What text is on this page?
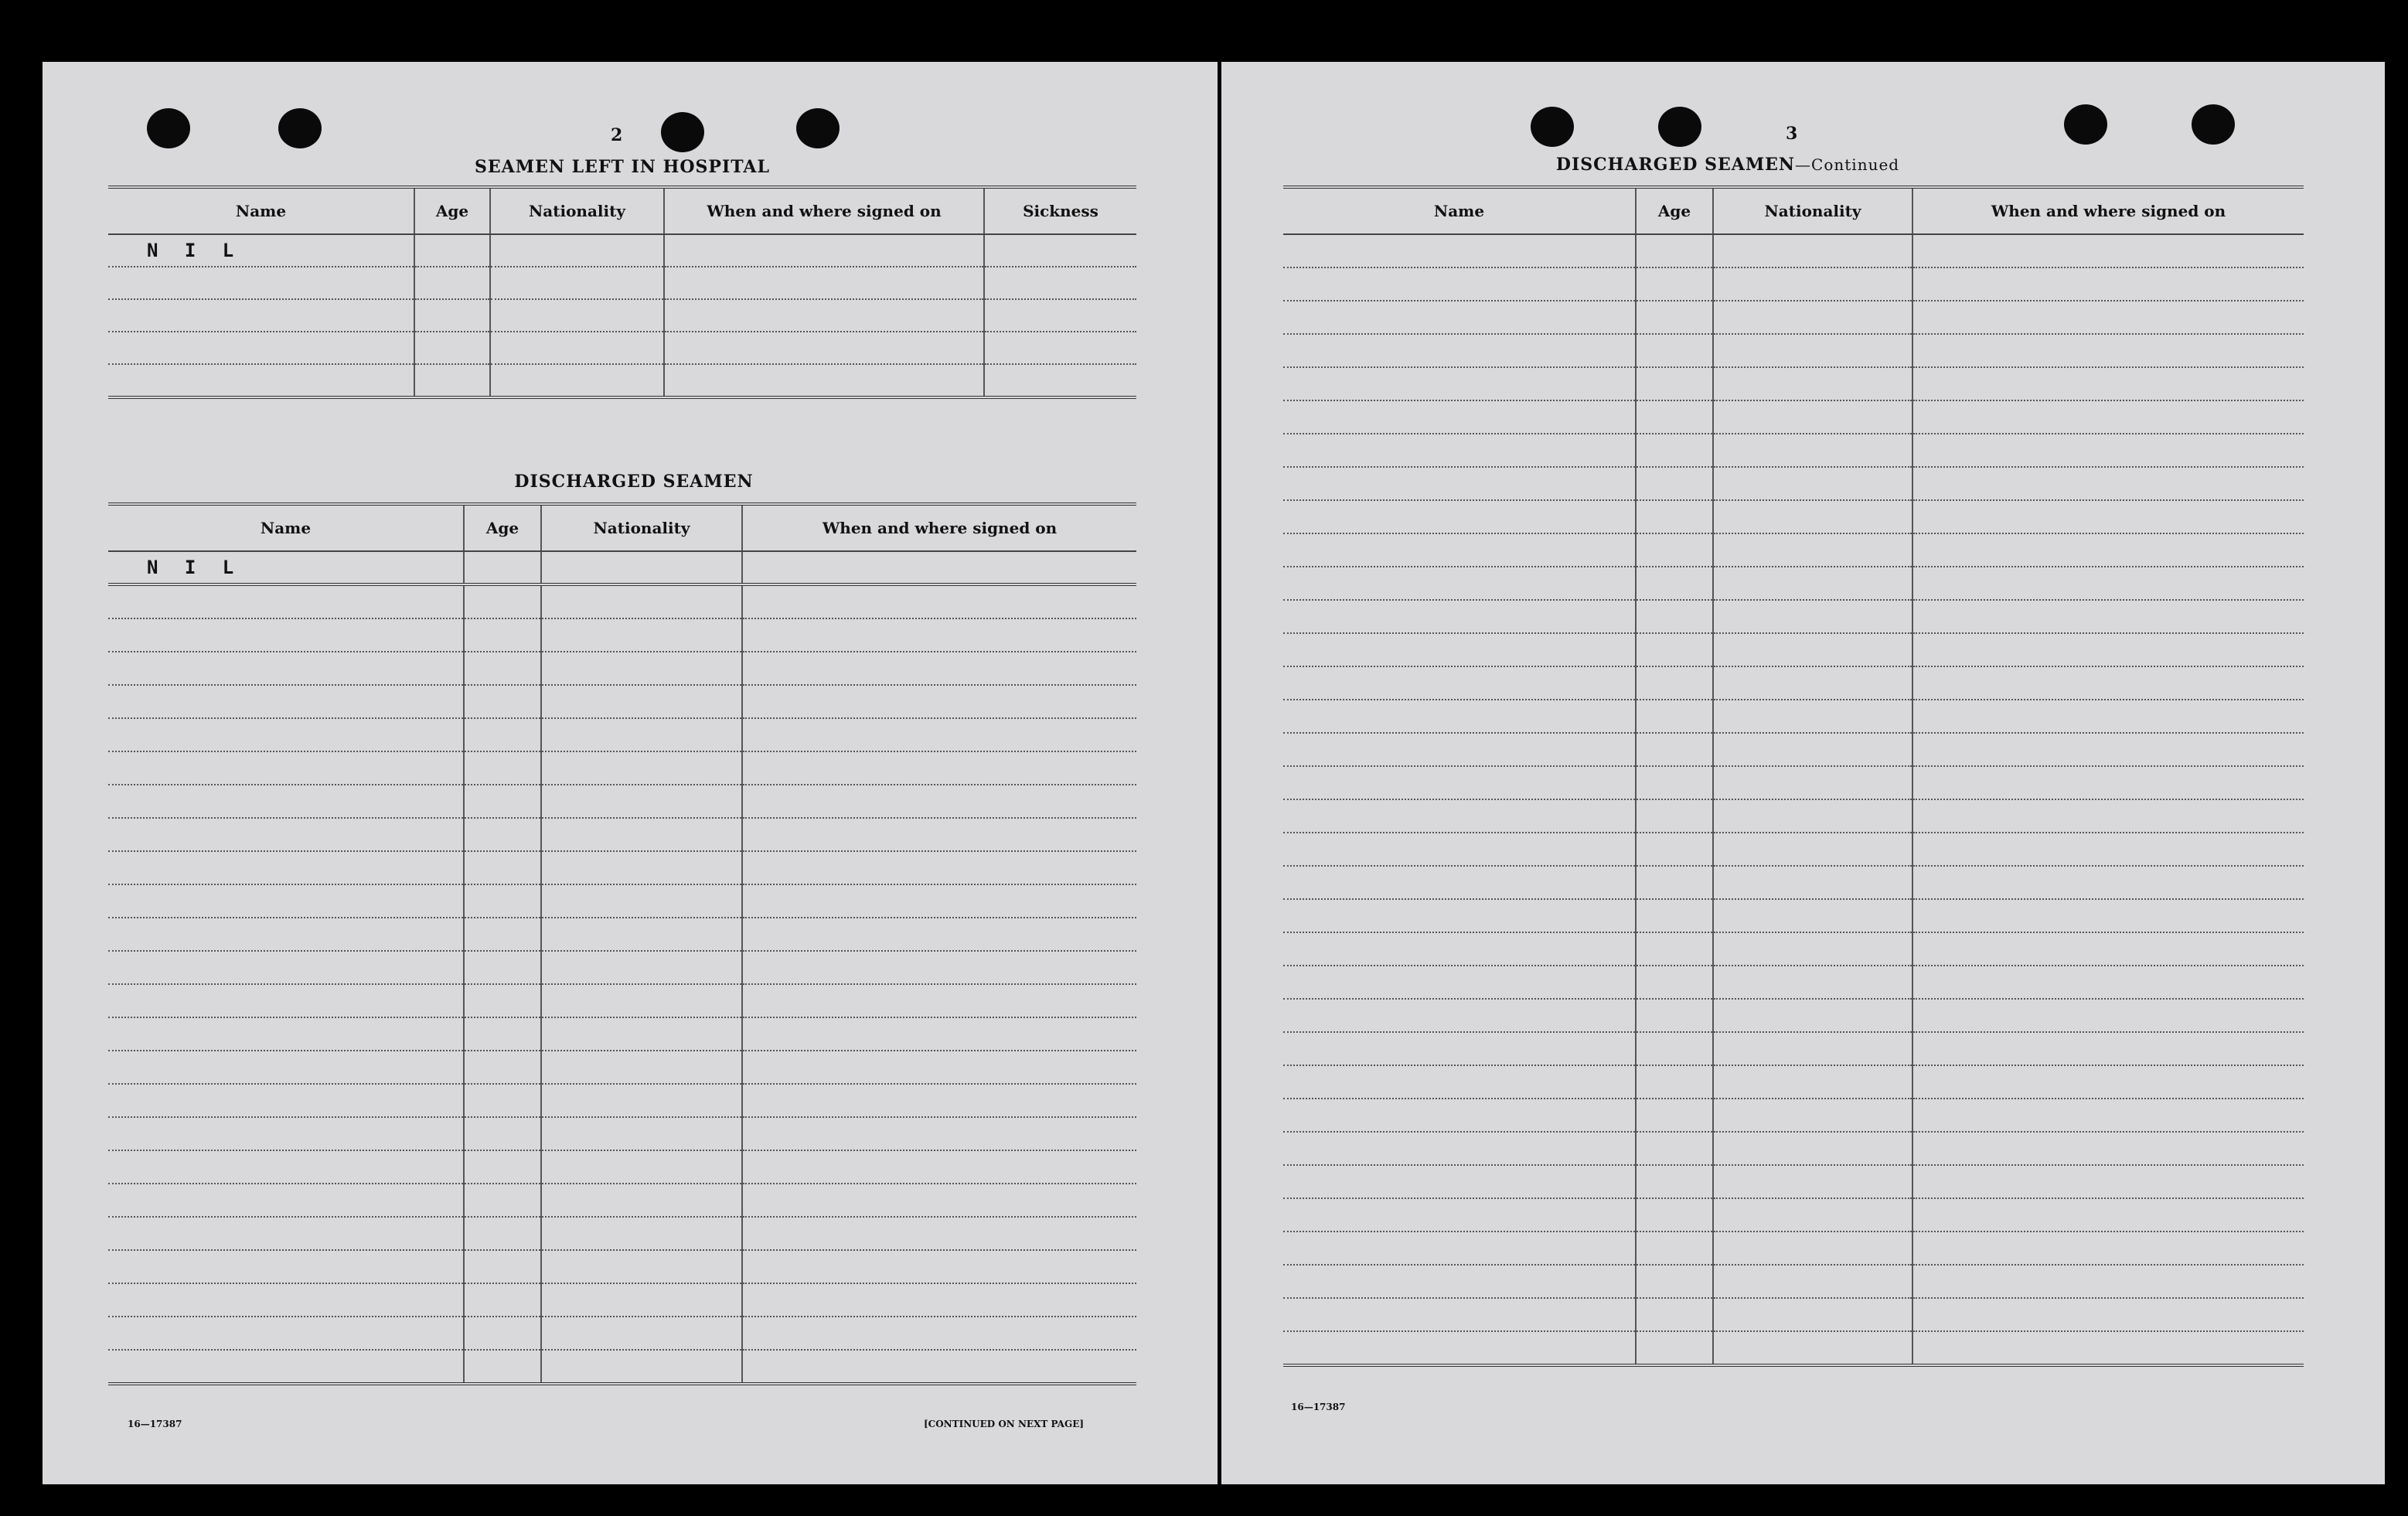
2
SEAMEN LEFT IN HOSPITAL
Name	Age	Nationality	When and where signed on	Sickness
N I L				

DISCHARGED SEAMEN
Name	Age	Nationality	When and where signed on
N I L			

16—17387	[CONTINUED ON NEXT PAGE]
3
DISCHARGED SEAMEN—Continued
Name	Age	Nationality	When and where signed on

16—17387
